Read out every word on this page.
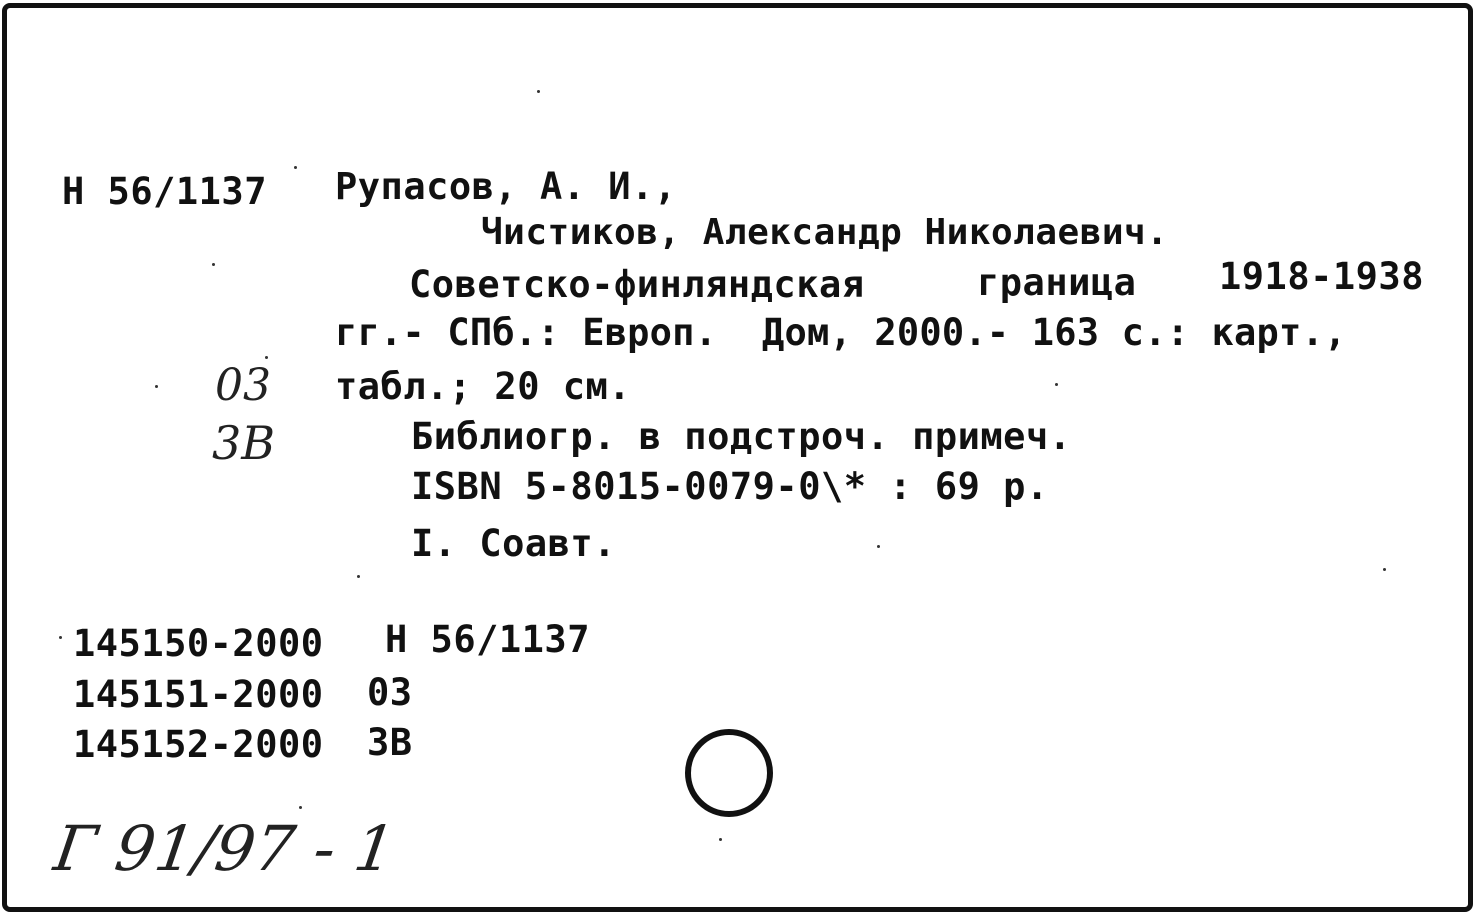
Н 56/1137 Рупасов, А. И.,
Чистиков, Александр Николаевич.
Советско-финляндская	граница 1918-1938
гг.- СПб.: Европ.  Дом, 2000.- 163 с.: карт.,
табл.; 20 см.
Библиогр. в подстроч. примеч.
ISBN 5-8015-0079-0\* : 69 р.
I. Соавт.
03
3В
145150-2000 Н 56/1137
145151-2000 03
145152-2000 3В
Г 91/97 - 1
